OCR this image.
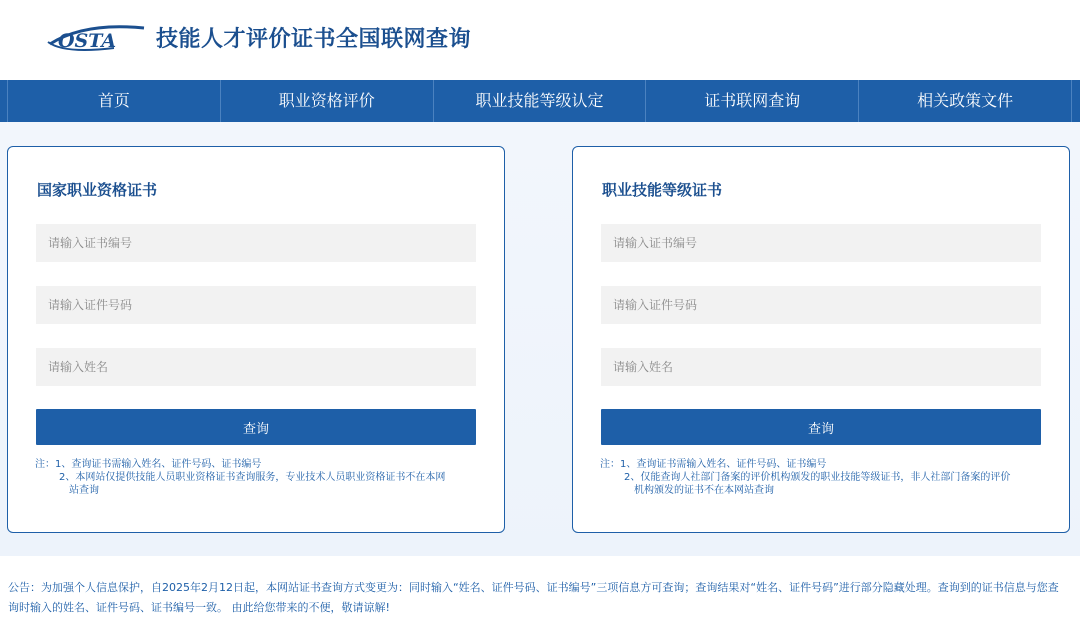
OSTA 技能人才评价证书全国联网查询
首页	职业资格评价	职业技能等级认定	证书联网查询	相关政策文件
国家职业资格证书
请输入证书编号
请输入证件号码
请输入姓名
查询
注：1、查询证书需输入姓名、证件号码、证书编号
2、本网站仅提供技能人员职业资格证书查询服务，专业技术人员职业资格证书不在本网
站查询
职业技能等级证书
请输入证书编号
请输入证件号码
请输入姓名
查询
注：1、查询证书需输入姓名、证件号码、证书编号
2、仅能查询人社部门备案的评价机构颁发的职业技能等级证书，非人社部门备案的评价
机构颁发的证书不在本网站查询
公告：为加强个人信息保护，自2025年2月12日起，本网站证书查询方式变更为：同时输入“姓名、证件号码、证书编号”三项信息方可查询；查询结果对“姓名、证件号码”进行部分隐藏处理。查询到的证书信息与您查询时输入的姓名、证件号码、证书编号一致。 由此给您带来的不便，敬请谅解!
